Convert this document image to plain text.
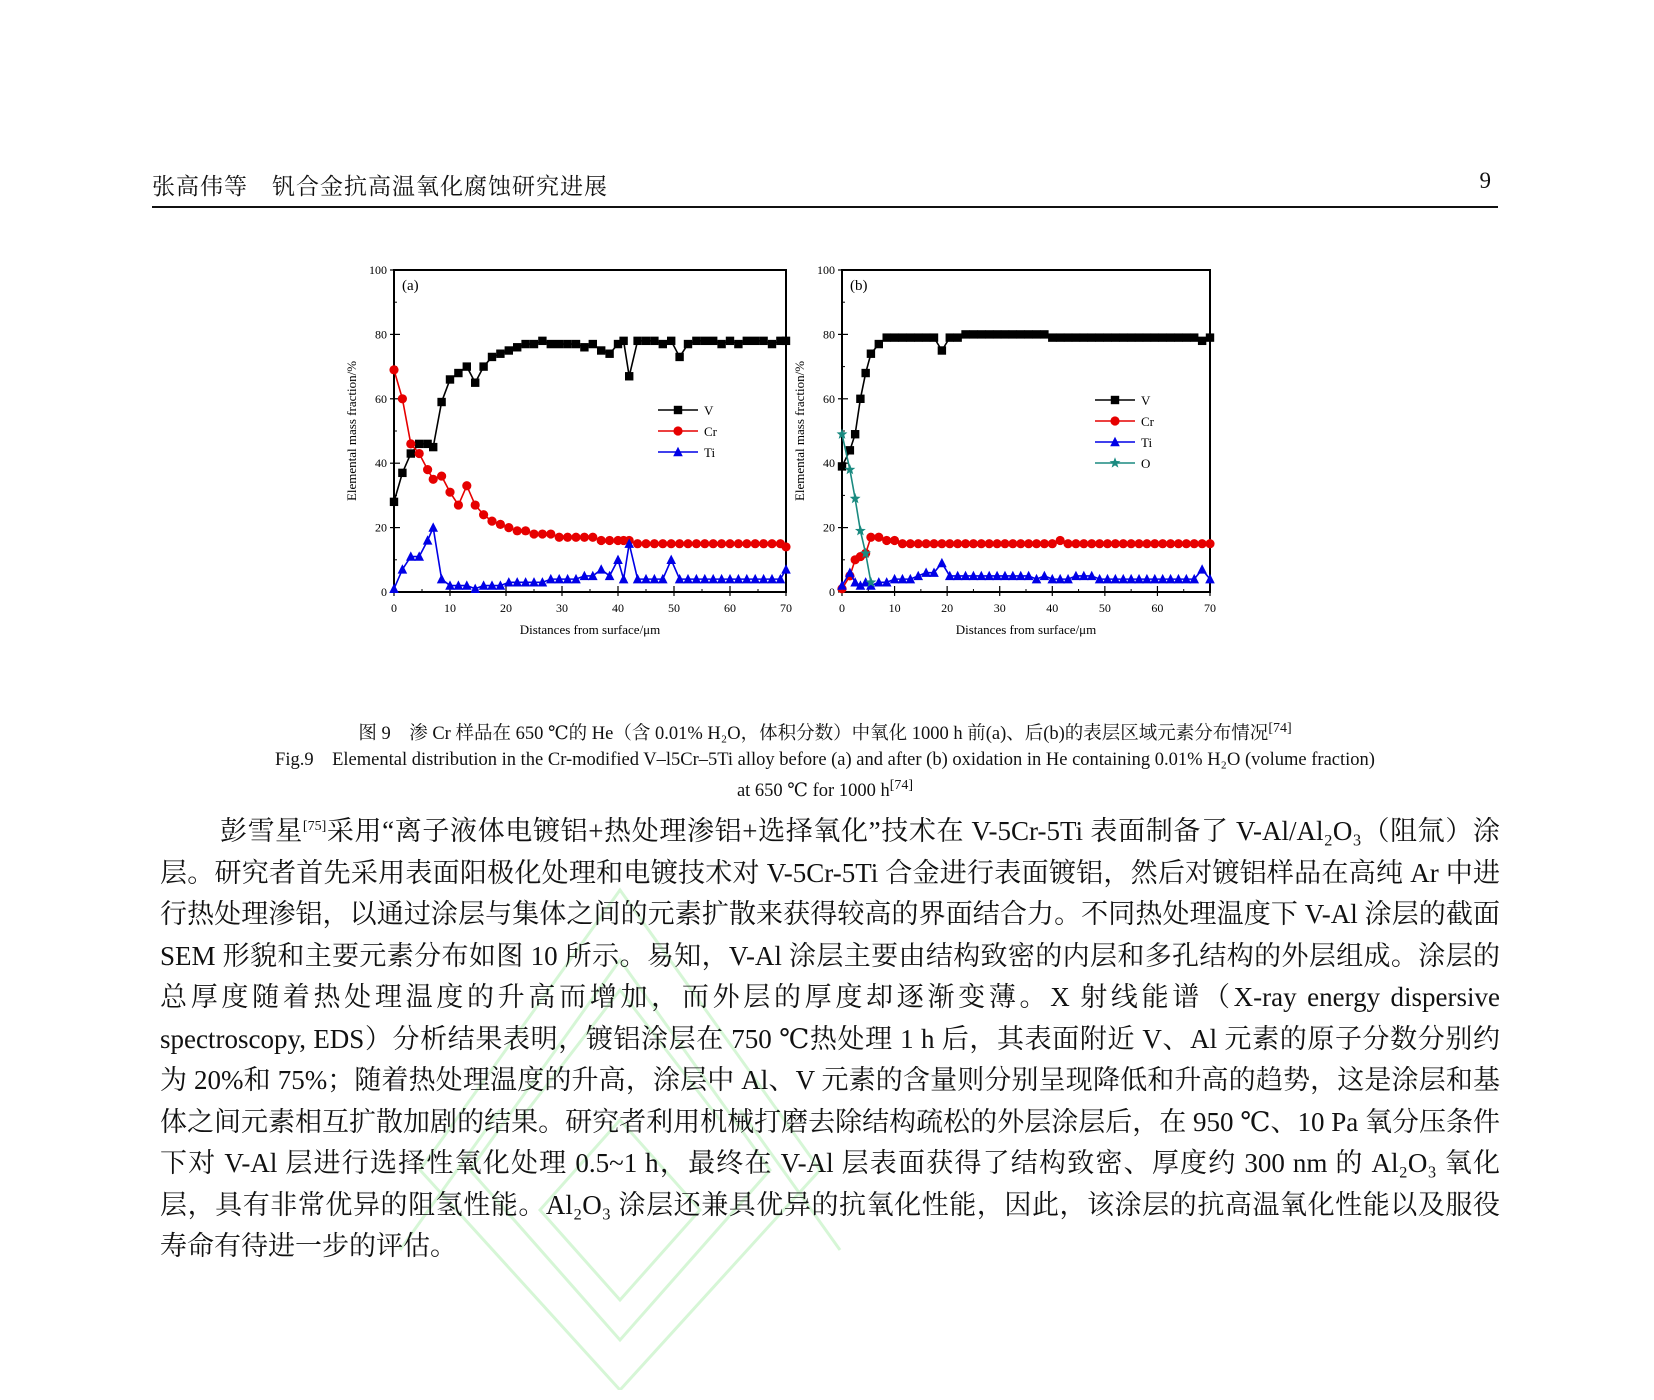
张高伟等　钒合金抗高温氧化腐蚀研究进展	9
0
20
40
60
80
100
0	10	20	30	40	50	60	70
Distances from surface/μm
Elemental mass fraction/%
(a)
V
Cr
Ti
0
20
40
60
80
100
0	10	20	30	40	50	60	70
Distances from surface/μm
Elemental mass fraction/%
(b)
V
Cr
Ti
O
图 9　渗 Cr 样品在 650 ℃的 He（含 0.01% H₂O，体积分数）中氧化 1000 h 前(a)、后(b)的表层区域元素分布情况[74]
Fig.9　Elemental distribution in the Cr-modified V–l5Cr–5Ti alloy before (a) and after (b) oxidation in He containing 0.01% H₂O (volume fraction)
at 650 ℃ for 1000 h[74]
彭雪星[75]采用“离子液体电镀铝+热处理渗铝+选择氧化”技术在 V-5Cr-5Ti 表面制备了 V-Al/Al₂O₃（阻氚）涂层。研究者首先采用表面阳极化处理和电镀技术对 V-5Cr-5Ti 合金进行表面镀铝，然后对镀铝样品在高纯 Ar 中进行热处理渗铝，以通过涂层与集体之间的元素扩散来获得较高的界面结合力。不同热处理温度下 V-Al 涂层的截面 SEM 形貌和主要元素分布如图 10 所示。易知，V-Al 涂层主要由结构致密的内层和多孔结构的外层组成。涂层的总厚度随着热处理温度的升高而增加，而外层的厚度却逐渐变薄。X 射线能谱（X-ray energy dispersive spectroscopy, EDS）分析结果表明，镀铝涂层在 750 ℃热处理 1 h 后，其表面附近 V、Al 元素的原子分数分别约为 20%和 75%；随着热处理温度的升高，涂层中 Al、V 元素的含量则分别呈现降低和升高的趋势，这是涂层和基体之间元素相互扩散加剧的结果。研究者利用机械打磨去除结构疏松的外层涂层后，在 950 ℃、10 Pa 氧分压条件下对 V-Al 层进行选择性氧化处理 0.5~1 h，最终在 V-Al 层表面获得了结构致密、厚度约 300 nm 的 Al₂O₃ 氧化层，具有非常优异的阻氢性能。Al₂O₃ 涂层还兼具优异的抗氧化性能，因此，该涂层的抗高温氧化性能以及服役寿命有待进一步的评估。
